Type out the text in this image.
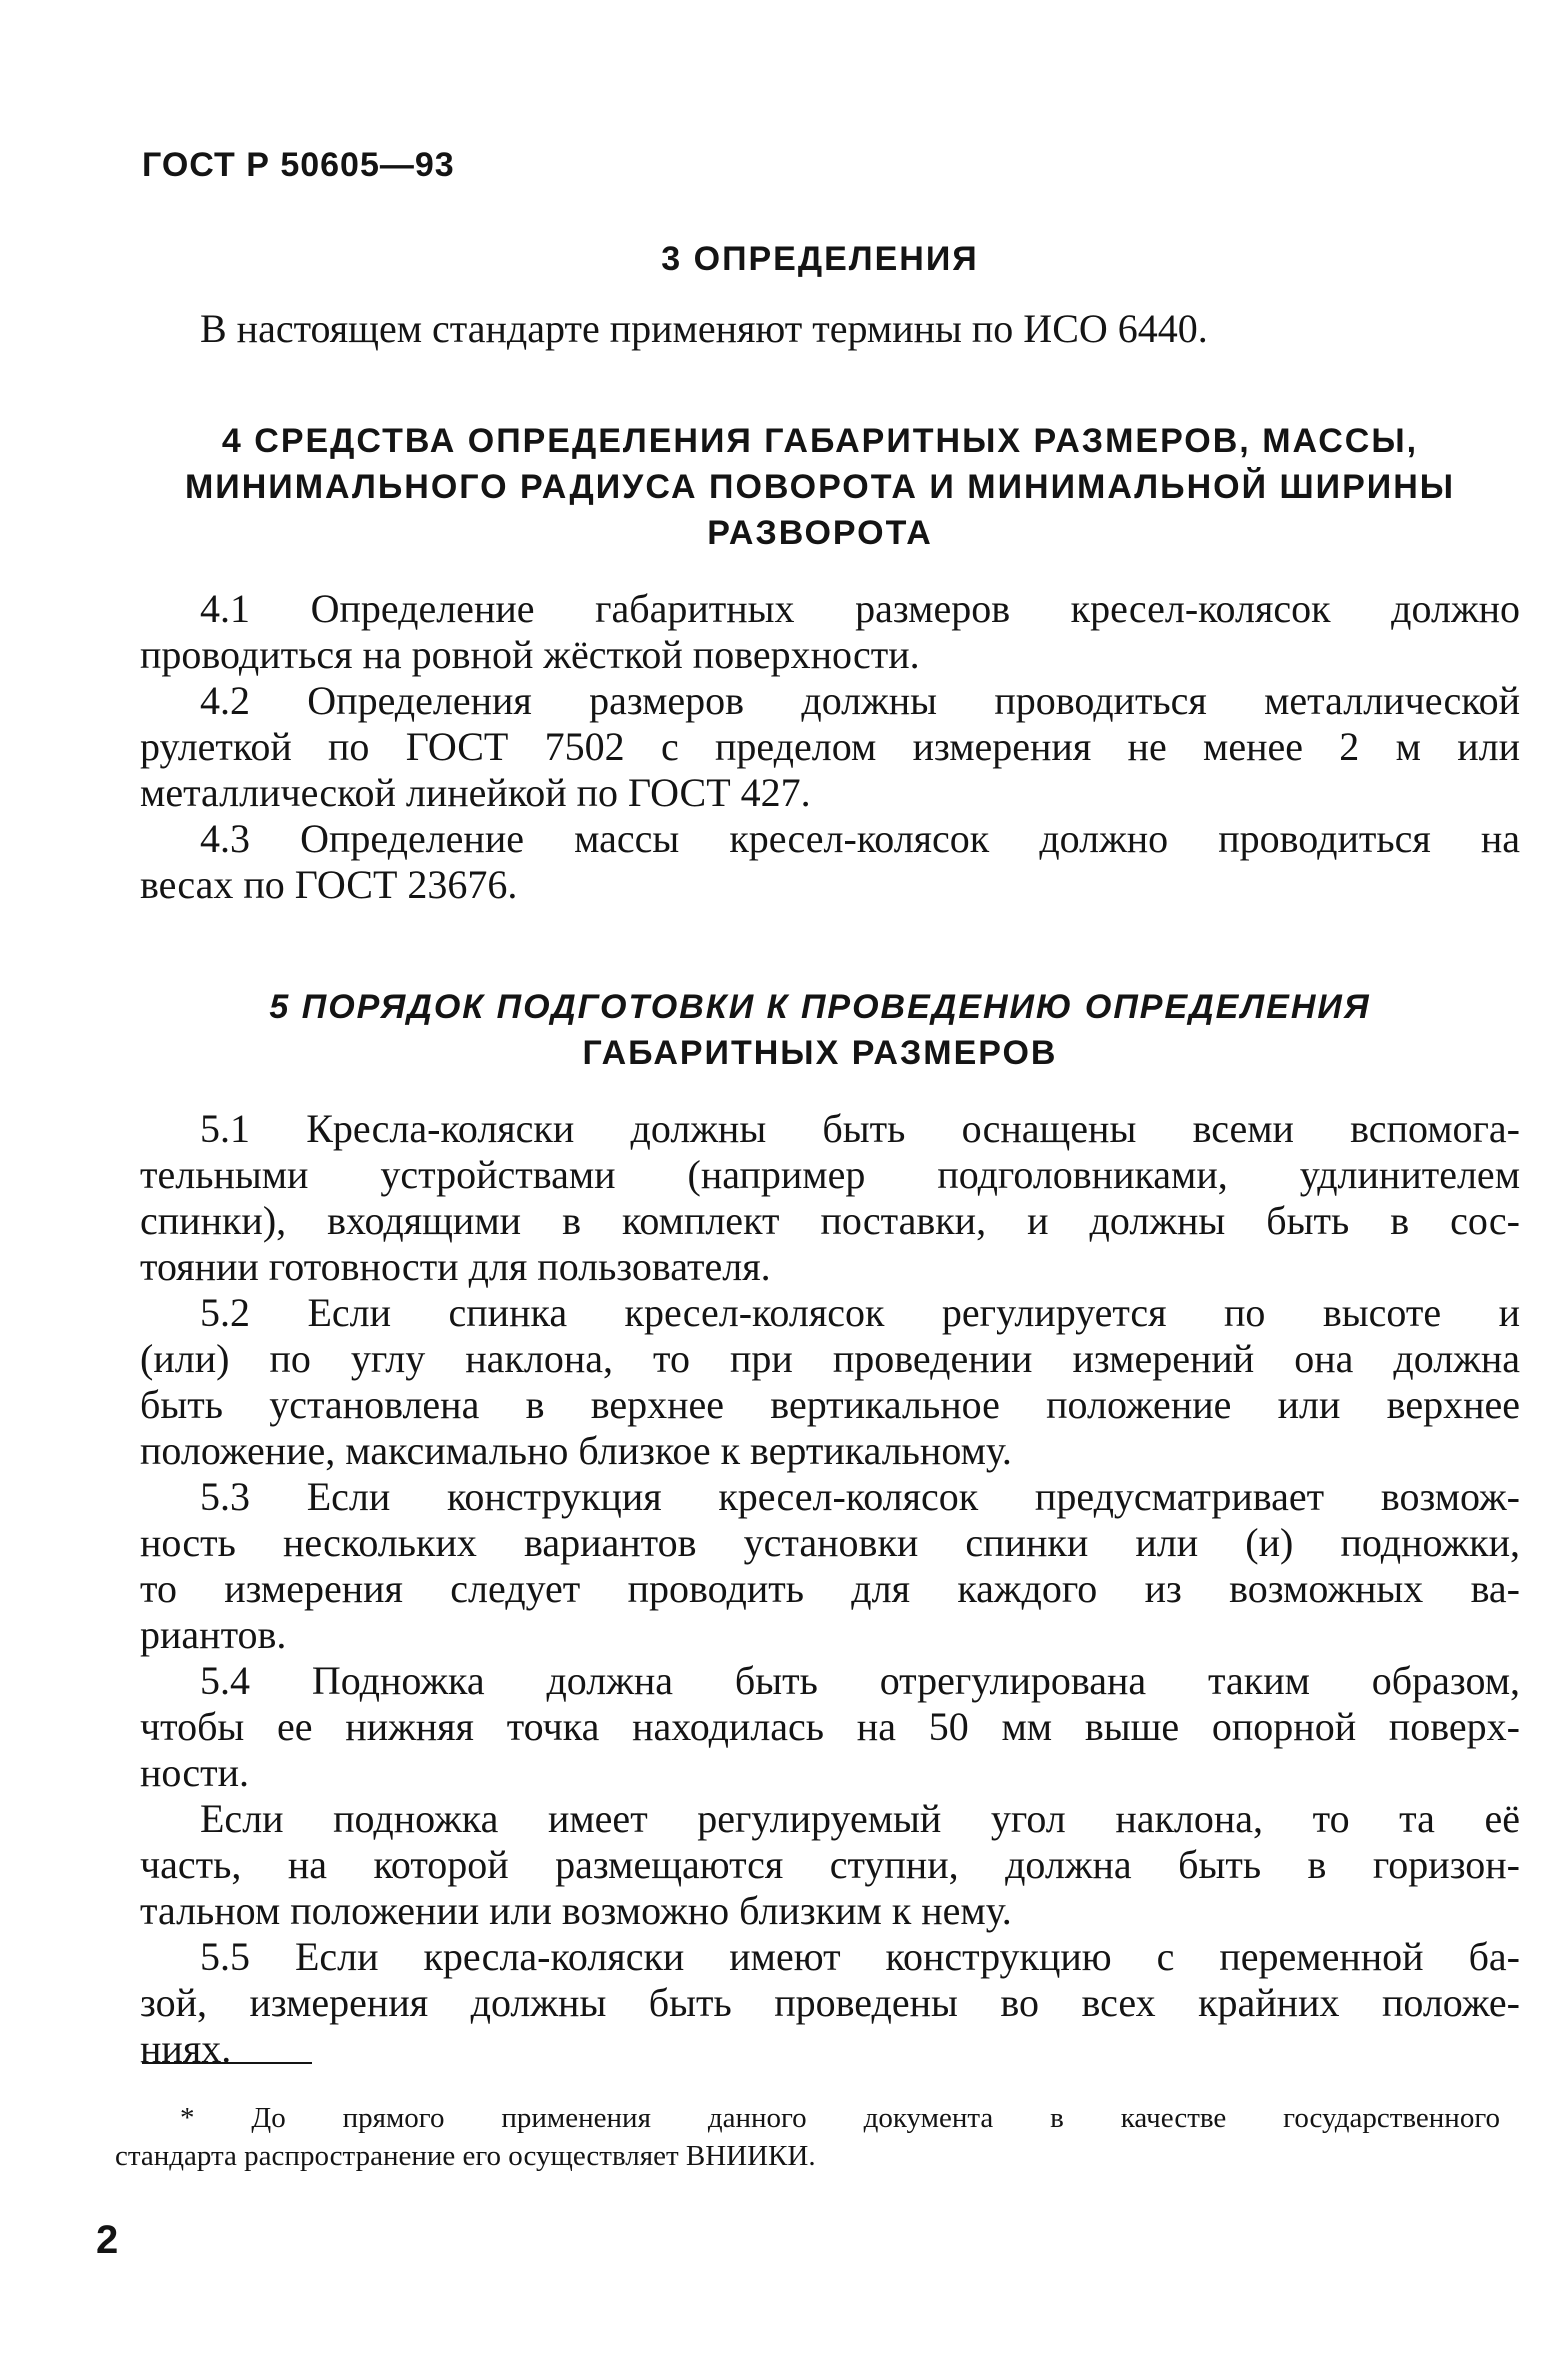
ГОСТ Р 50605—93
3 ОПРЕДЕЛЕНИЯ
В настоящем стандарте применяют термины по ИСО 6440.
4 СРЕДСТВА ОПРЕДЕЛЕНИЯ ГАБАРИТНЫХ РАЗМЕРОВ, МАССЫ,
МИНИМАЛЬНОГО РАДИУСА ПОВОРОТА И МИНИМАЛЬНОЙ ШИРИНЫ
РАЗВОРОТА
4.1 Определение габаритных размеров кресел-колясок должно
проводиться на ровной жёсткой поверхности.
4.2 Определения размеров должны проводиться металлической
рулеткой по ГОСТ 7502 с пределом измерения не менее 2 м или
металлической линейкой по ГОСТ 427.
4.3 Определение массы кресел-колясок должно проводиться на
весах по ГОСТ 23676.
5 ПОРЯДОК ПОДГОТОВКИ К ПРОВЕДЕНИЮ ОПРЕДЕЛЕНИЯ
ГАБАРИТНЫХ РАЗМЕРОВ
5.1 Кресла-коляски должны быть оснащены всеми вспомога-
тельными устройствами (например подголовниками, удлинителем
спинки), входящими в комплект поставки, и должны быть в сос-
тоянии готовности для пользователя.
5.2 Если спинка кресел-колясок регулируется по высоте и
(или) по углу наклона, то при проведении измерений она должна
быть установлена в верхнее вертикальное положение или верхнее
положение, максимально близкое к вертикальному.
5.3 Если конструкция кресел-колясок предусматривает возмож-
ность нескольких вариантов установки спинки или (и) подножки,
то измерения следует проводить для каждого из возможных ва-
риантов.
5.4 Подножка должна быть отрегулирована таким образом,
чтобы ее нижняя точка находилась на 50 мм выше опорной поверх-
ности.
Если подножка имеет регулируемый угол наклона, то та её
часть, на которой размещаются ступни, должна быть в горизон-
тальном положении или возможно близким к нему.
5.5 Если кресла-коляски имеют конструкцию с переменной ба-
зой, измерения должны быть проведены во всех крайних положе-
ниях.
* До прямого применения данного документа в качестве государственного
стандарта распространение его осуществляет ВНИИКИ.
2
